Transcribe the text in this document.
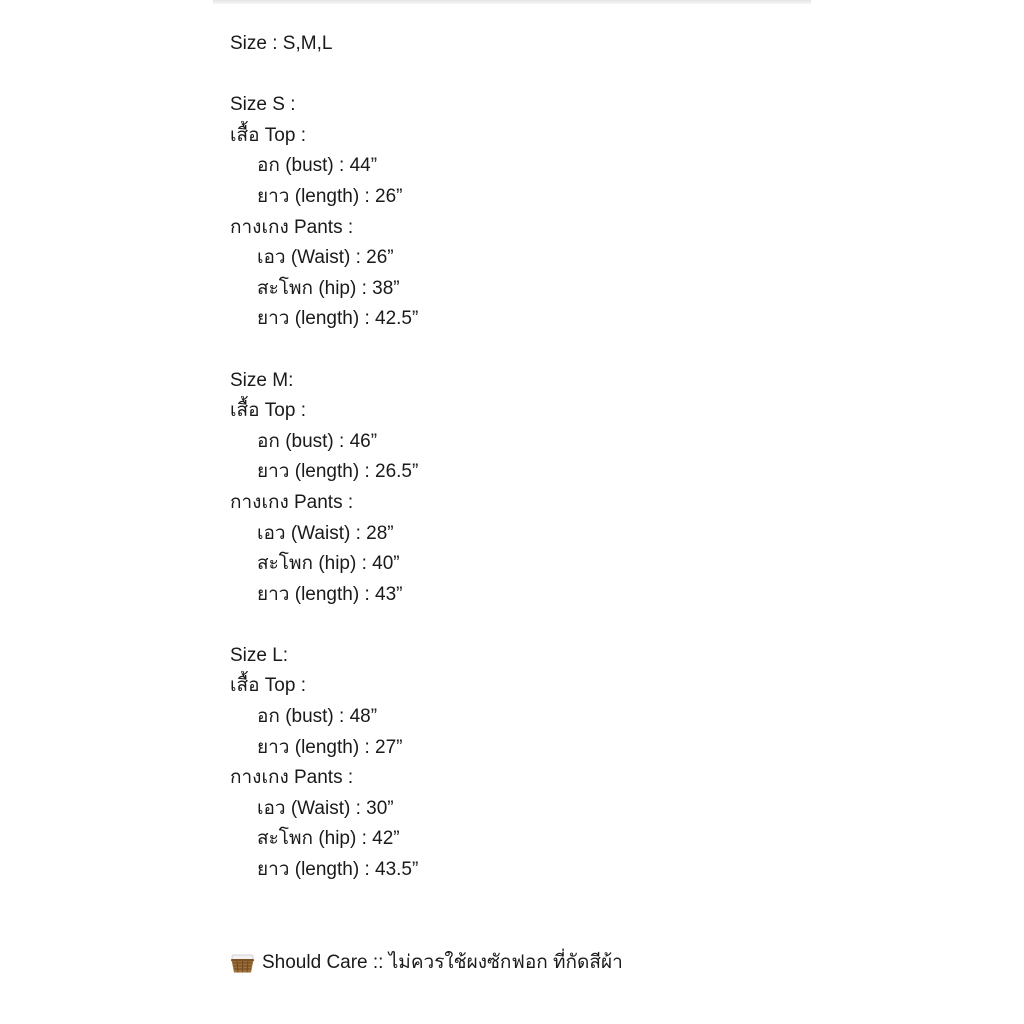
Size : S,M,L
Size S :
เสื้อ Top :
อก (bust) : 44”
ยาว (length) : 26”
กางเกง Pants :
เอว (Waist) : 26”
สะโพก (hip) : 38”
ยาว (length) : 42.5”
Size M:
เสื้อ Top :
อก (bust) : 46”
ยาว (length) : 26.5”
กางเกง Pants :
เอว (Waist) : 28”
สะโพก (hip) : 40”
ยาว (length) : 43”
Size L:
เสื้อ Top :
อก (bust) : 48”
ยาว (length) : 27”
กางเกง Pants :
เอว (Waist) : 30”
สะโพก (hip) : 42”
ยาว (length) : 43.5”
Should Care :: ไม่ควรใช้ผงซักฟอก ที่กัดสีผ้า
